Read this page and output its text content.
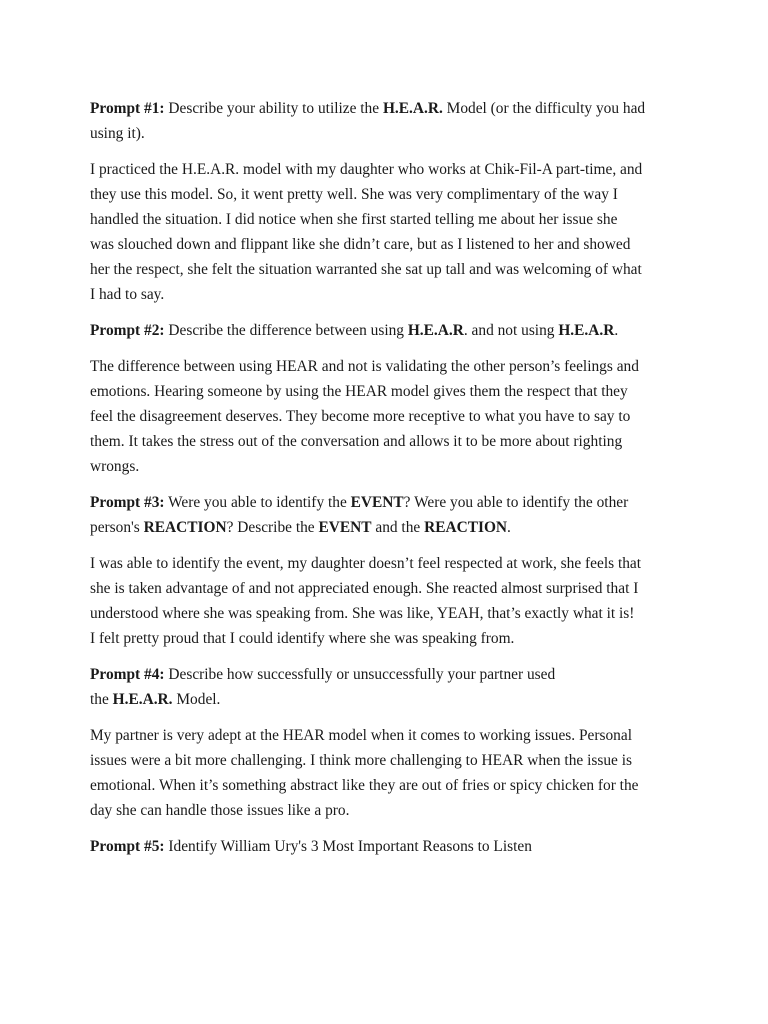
Prompt #1: Describe your ability to utilize the H.E.A.R. Model (or the difficulty you had
using it).
I practiced the H.E.A.R. model with my daughter who works at Chik-Fil-A part-time, and
they use this model. So, it went pretty well. She was very complimentary of the way I
handled the situation. I did notice when she first started telling me about her issue she
was slouched down and flippant like she didn’t care, but as I listened to her and showed
her the respect, she felt the situation warranted she sat up tall and was welcoming of what
I had to say.
Prompt #2: Describe the difference between using H.E.A.R. and not using H.E.A.R.
The difference between using HEAR and not is validating the other person’s feelings and
emotions. Hearing someone by using the HEAR model gives them the respect that they
feel the disagreement deserves. They become more receptive to what you have to say to
them. It takes the stress out of the conversation and allows it to be more about righting
wrongs.
Prompt #3: Were you able to identify the EVENT? Were you able to identify the other
person's REACTION? Describe the EVENT and the REACTION.
I was able to identify the event, my daughter doesn’t feel respected at work, she feels that
she is taken advantage of and not appreciated enough. She reacted almost surprised that I
understood where she was speaking from. She was like, YEAH, that’s exactly what it is!
I felt pretty proud that I could identify where she was speaking from.
Prompt #4: Describe how successfully or unsuccessfully your partner used
the H.E.A.R. Model.
My partner is very adept at the HEAR model when it comes to working issues. Personal
issues were a bit more challenging. I think more challenging to HEAR when the issue is
emotional. When it’s something abstract like they are out of fries or spicy chicken for the
day she can handle those issues like a pro.
Prompt #5: Identify William Ury's 3 Most Important Reasons to Listen
